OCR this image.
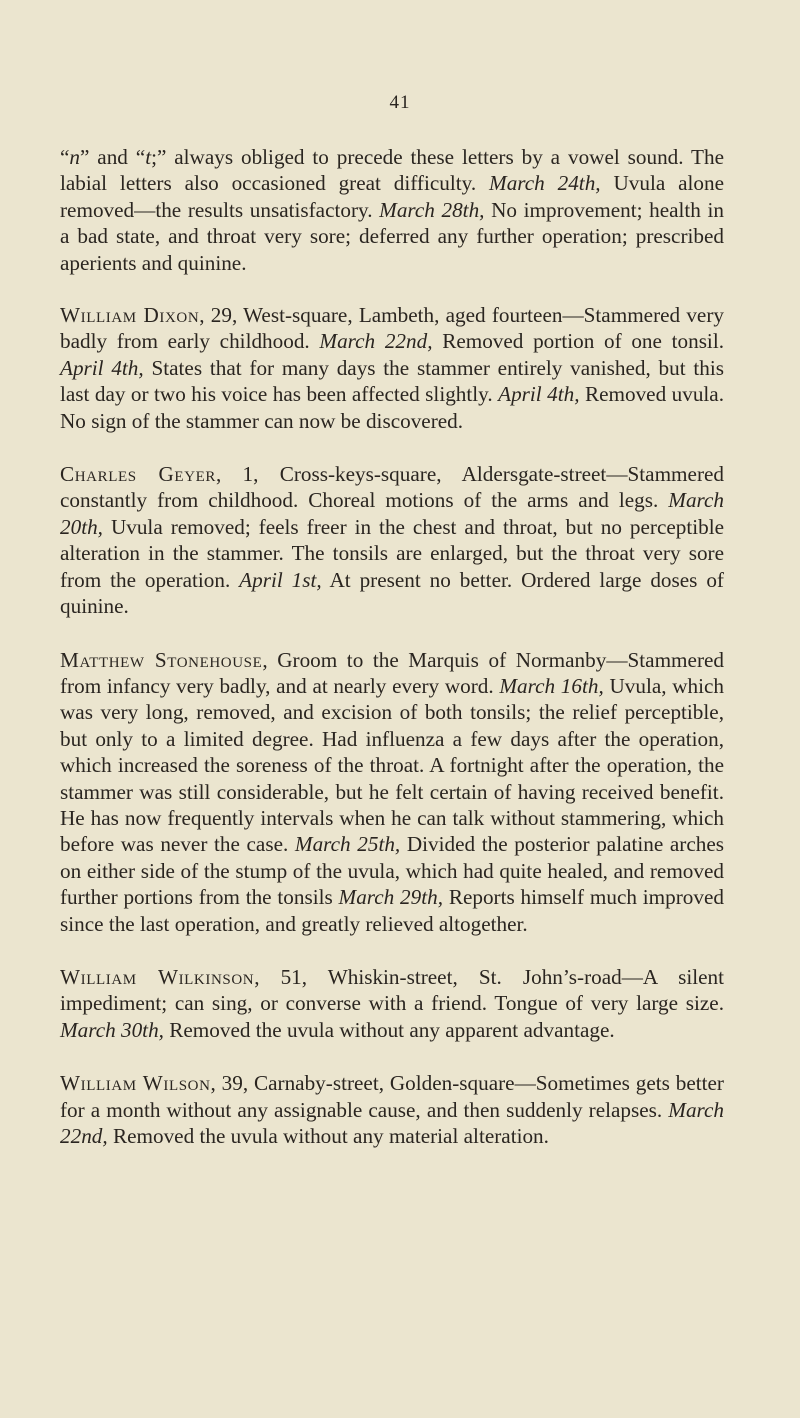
41

“n” and “t;” always obliged to precede these letters by a vowel sound. The labial letters also occasioned great difficulty. March 24th, Uvula alone removed—the results unsatisfactory. March 28th, No improvement; health in a bad state, and throat very sore; deferred any further operation; prescribed aperients and quinine.

William Dixon, 29, West-square, Lambeth, aged fourteen—Stammered very badly from early childhood. March 22nd, Removed portion of one tonsil. April 4th, States that for many days the stammer entirely vanished, but this last day or two his voice has been affected slightly. April 4th, Removed uvula. No sign of the stammer can now be discovered.

Charles Geyer, 1, Cross-keys-square, Aldersgate-street—Stammered constantly from childhood. Choreal motions of the arms and legs. March 20th, Uvula removed; feels freer in the chest and throat, but no perceptible alteration in the stammer. The tonsils are enlarged, but the throat very sore from the operation. April 1st, At present no better. Ordered large doses of quinine.

Matthew Stonehouse, Groom to the Marquis of Normanby—Stammered from infancy very badly, and at nearly every word. March 16th, Uvula, which was very long, removed, and excision of both tonsils; the relief perceptible, but only to a limited degree. Had influenza a few days after the operation, which increased the soreness of the throat. A fortnight after the operation, the stammer was still considerable, but he felt certain of having received benefit. He has now frequently intervals when he can talk without stammering, which before was never the case. March 25th, Divided the posterior palatine arches on either side of the stump of the uvula, which had quite healed, and removed further portions from the tonsils March 29th, Reports himself much improved since the last operation, and greatly relieved altogether.

William Wilkinson, 51, Whiskin-street, St. John’s-road—A silent impediment; can sing, or converse with a friend. Tongue of very large size. March 30th, Removed the uvula without any apparent advantage.

William Wilson, 39, Carnaby-street, Golden-square—Sometimes gets better for a month without any assignable cause, and then suddenly relapses. March 22nd, Removed the uvula without any material alteration.
